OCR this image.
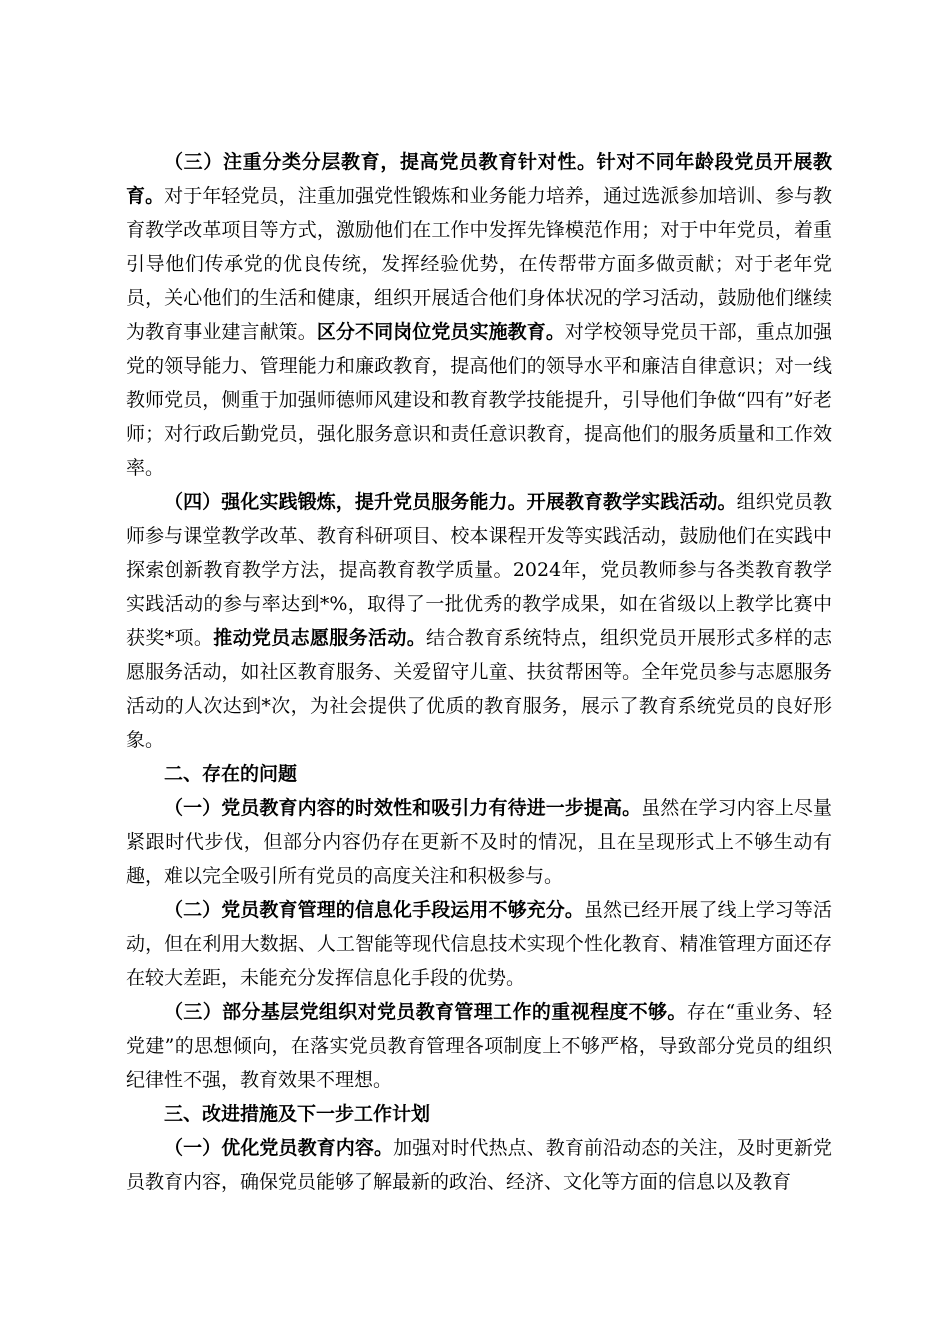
（三）注重分类分层教育，提高党员教育针对性。针对不同年龄段党员开展教育。对于年轻党员，注重加强党性锻炼和业务能力培养，通过选派参加培训、参与教育教学改革项目等方式，激励他们在工作中发挥先锋模范作用；对于中年党员，着重引导他们传承党的优良传统，发挥经验优势，在传帮带方面多做贡献；对于老年党员，关心他们的生活和健康，组织开展适合他们身体状况的学习活动，鼓励他们继续为教育事业建言献策。区分不同岗位党员实施教育。对学校领导党员干部，重点加强党的领导能力、管理能力和廉政教育，提高他们的领导水平和廉洁自律意识；对一线教师党员，侧重于加强师德师风建设和教育教学技能提升，引导他们争做“四有”好老师；对行政后勤党员，强化服务意识和责任意识教育，提高他们的服务质量和工作效率。

（四）强化实践锻炼，提升党员服务能力。开展教育教学实践活动。组织党员教师参与课堂教学改革、教育科研项目、校本课程开发等实践活动，鼓励他们在实践中探索创新教育教学方法，提高教育教学质量。2024年，党员教师参与各类教育教学实践活动的参与率达到*%，取得了一批优秀的教学成果，如在省级以上教学比赛中获奖*项。推动党员志愿服务活动。结合教育系统特点，组织党员开展形式多样的志愿服务活动，如社区教育服务、关爱留守儿童、扶贫帮困等。全年党员参与志愿服务活动的人次达到*次，为社会提供了优质的教育服务，展示了教育系统党员的良好形象。

二、存在的问题

（一）党员教育内容的时效性和吸引力有待进一步提高。虽然在学习内容上尽量紧跟时代步伐，但部分内容仍存在更新不及时的情况，且在呈现形式上不够生动有趣，难以完全吸引所有党员的高度关注和积极参与。

（二）党员教育管理的信息化手段运用不够充分。虽然已经开展了线上学习等活动，但在利用大数据、人工智能等现代信息技术实现个性化教育、精准管理方面还存在较大差距，未能充分发挥信息化手段的优势。

（三）部分基层党组织对党员教育管理工作的重视程度不够。存在“重业务、轻党建”的思想倾向，在落实党员教育管理各项制度上不够严格，导致部分党员的组织纪律性不强，教育效果不理想。

三、改进措施及下一步工作计划

（一）优化党员教育内容。加强对时代热点、教育前沿动态的关注，及时更新党员教育内容，确保党员能够了解最新的政治、经济、文化等方面的信息以及教育
